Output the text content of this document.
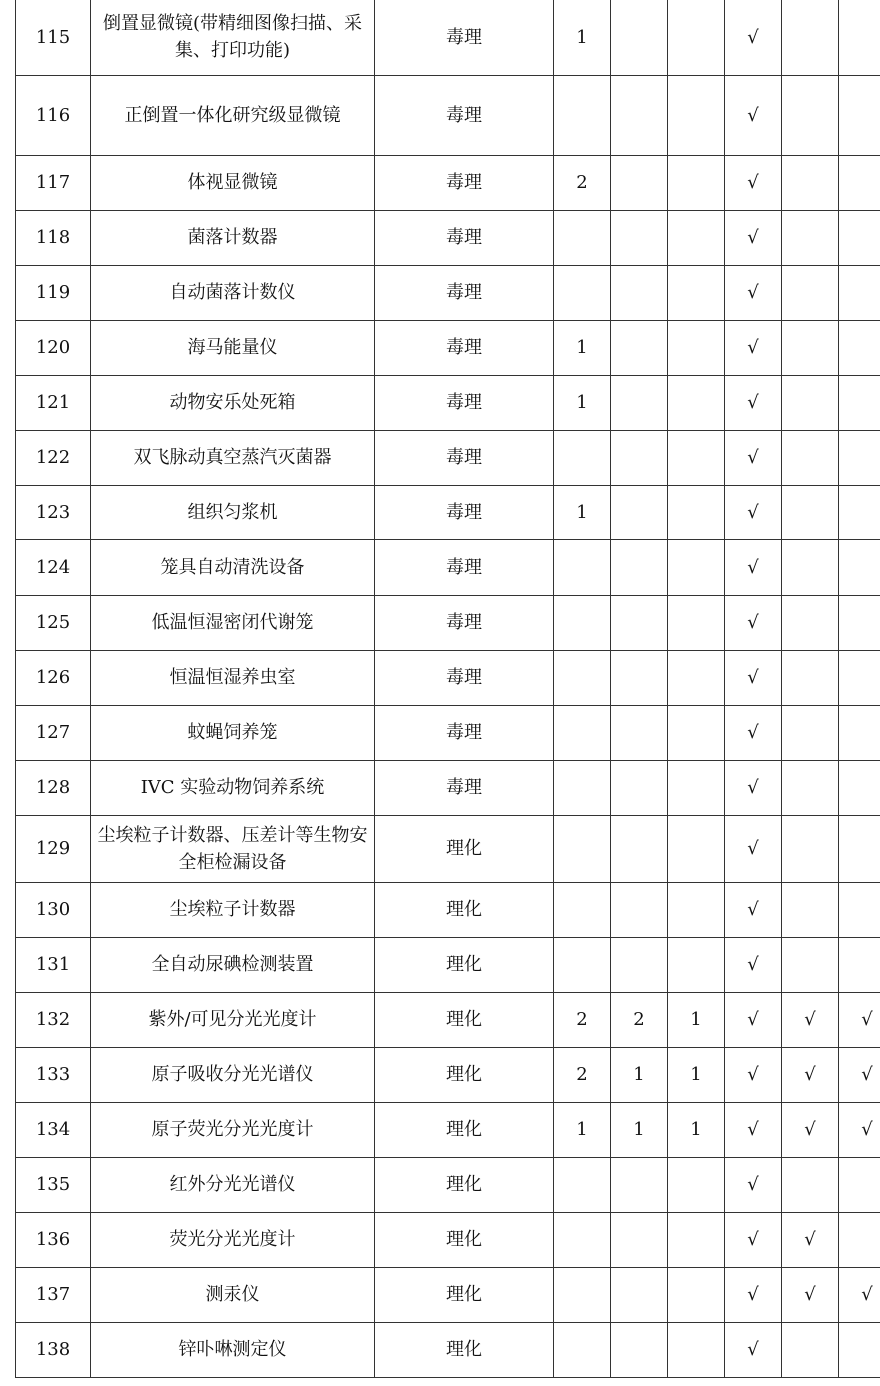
115	倒置显微镜(带精细图像扫描、采集、打印功能)	毒理	1			√		
116	正倒置一体化研究级显微镜	毒理				√		
117	体视显微镜	毒理	2			√		
118	菌落计数器	毒理				√		
119	自动菌落计数仪	毒理				√		
120	海马能量仪	毒理	1			√		
121	动物安乐处死箱	毒理	1			√		
122	双飞脉动真空蒸汽灭菌器	毒理				√		
123	组织匀浆机	毒理	1			√		
124	笼具自动清洗设备	毒理				√		
125	低温恒湿密闭代谢笼	毒理				√		
126	恒温恒湿养虫室	毒理				√		
127	蚊蝇饲养笼	毒理				√		
128	IVC 实验动物饲养系统	毒理				√		
129	尘埃粒子计数器、压差计等生物安全柜检漏设备	理化				√		
130	尘埃粒子计数器	理化				√		
131	全自动尿碘检测装置	理化				√		
132	紫外/可见分光光度计	理化	2	2	1	√	√	√
133	原子吸收分光光谱仪	理化	2	1	1	√	√	√
134	原子荧光分光光度计	理化	1	1	1	√	√	√
135	红外分光光谱仪	理化				√		
136	荧光分光光度计	理化				√	√	
137	测汞仪	理化				√	√	√
138	锌卟啉测定仪	理化				√		
